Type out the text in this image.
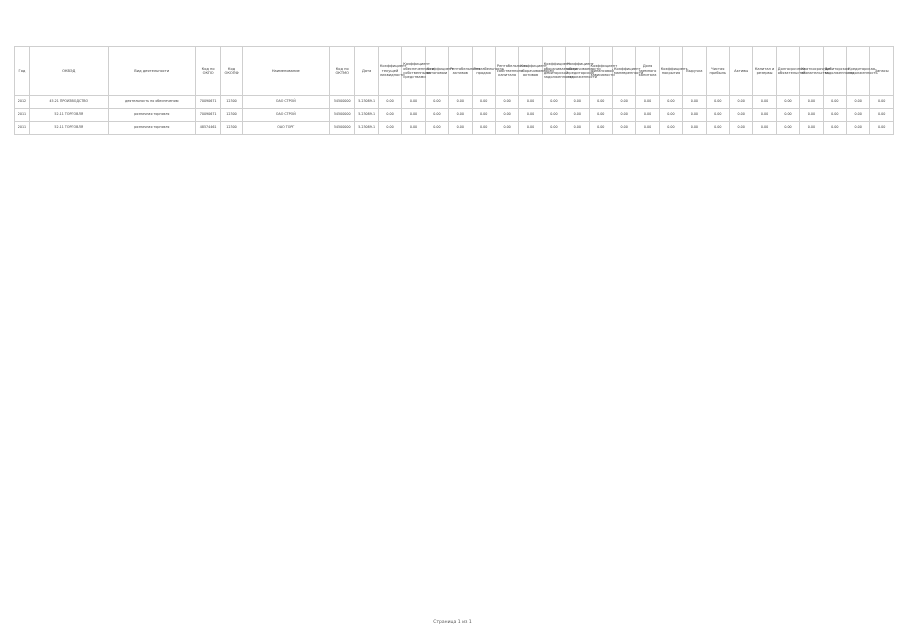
Год	ОКВЭД	Вид деятельности	Код по ОКПО	Код ОКОПФ	Наименование	Код по ОКТМО	Дата	Коэффициент текущей ликвидности	Коэффициент обеспеченности собственными средствами	Коэффициент автономии	Рентабельность активов	Рентабельность продаж	Рентабельность собственного капитала	Коэффициент оборачиваемости активов	Коэффициент оборачиваемости дебиторской задолженности	Коэффициент оборачиваемости кредиторской задолженности	Коэффициент финансовой зависимости	Коэффициент маневренности	Доля заемного капитала	Коэффициент покрытия	Выручка	Чистая прибыль	Активы	Капитал и резервы	Долгосрочные обязательства	Краткосрочные обязательства	Дебиторская задолженность	Кредиторская задолженность	Запасы
2012	45.21 ПРОИЗВОДСТВО	деятельность по обеспечению	70090671	12300	ОАО СТРОЙ	54500000	5.23089-1	0.00	0.00	0.00	0.00	0.00	0.00	0.00	0.00	0.00	0.00	0.00	0.00	0.00	0.00	0.00	0.00	0.00	0.00	0.00	0.00	0.00	0.00
2011	52.11 ТОРГОВЛЯ	розничная торговля	70090671	12300	ОАО СТРОЙ	54500000	5.23089-1	0.00	0.00	0.00	0.00	0.00	0.00	0.00	0.00	0.00	0.00	0.00	0.00	0.00	0.00	0.00	0.00	0.00	0.00	0.00	0.00	0.00	0.00
2011	52.11 ТОРГОВЛЯ	розничная торговля	48574461	12300	ОАО ТОРГ	54500000	5.23089-1	0.00	0.00	0.00	0.00	0.00	0.00	0.00	0.00	0.00	0.00	0.00	0.00	0.00	0.00	0.00	0.00	0.00	0.00	0.00	0.00	0.00	0.00
Страница 1 из 1
